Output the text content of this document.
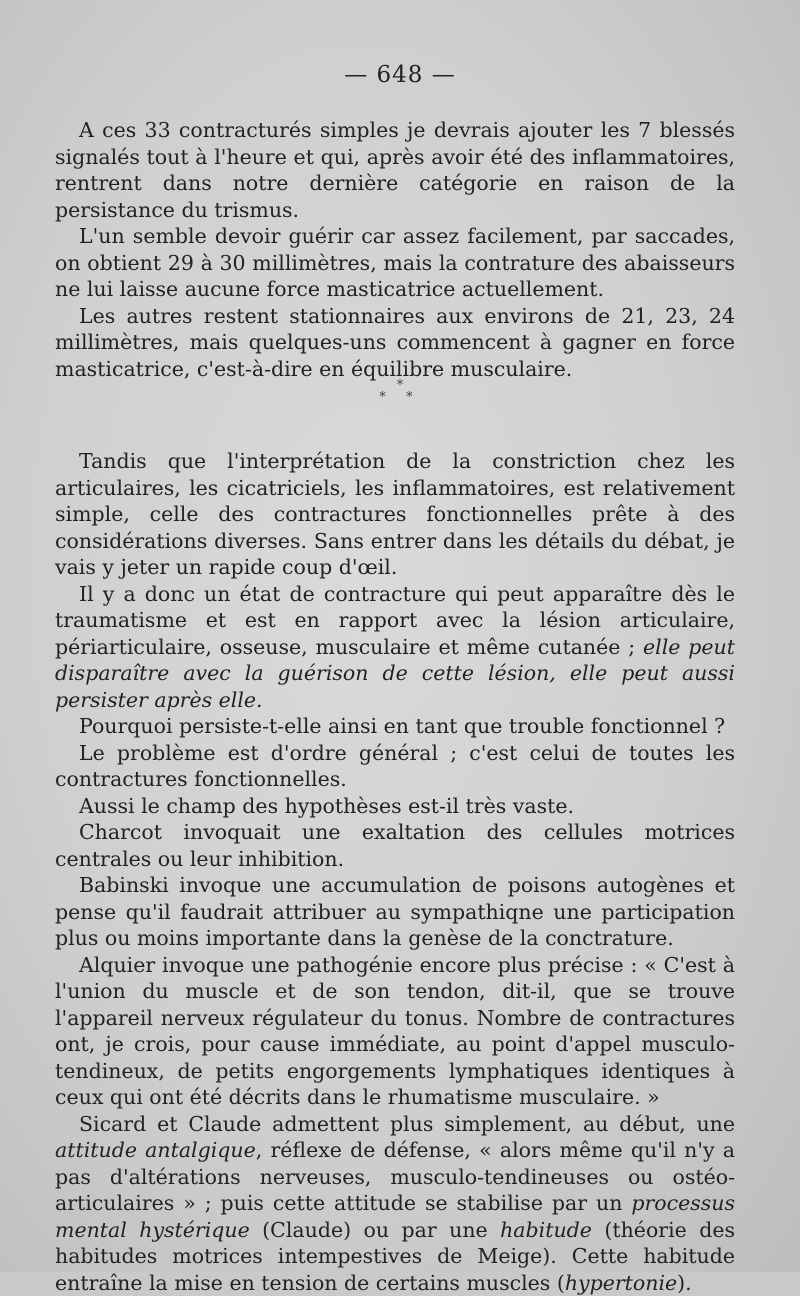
— 648 —

A ces 33 contracturés simples je devrais ajouter les 7 blessés signalés tout à l'heure et qui, après avoir été des inflammatoires, rentrent dans notre dernière catégorie en raison de la persistance du trismus.

L'un semble devoir guérir car assez facilement, par saccades, on obtient 29 à 30 millimètres, mais la contrature des abaisseurs ne lui laisse aucune force masticatrice actuellement.

Les autres restent stationnaires aux environs de 21, 23, 24 millimètres, mais quelques-uns commencent à gagner en force masticatrice, c'est-à-dire en équilibre musculaire.

*
* *

Tandis que l'interprétation de la constriction chez les articulaires, les cicatriciels, les inflammatoires, est relativement simple, celle des contractures fonctionnelles prête à des considérations diverses. Sans entrer dans les détails du débat, je vais y jeter un rapide coup d'œil.

Il y a donc un état de contracture qui peut apparaître dès le traumatisme et est en rapport avec la lésion articulaire, périarticulaire, osseuse, musculaire et même cutanée ; elle peut disparaître avec la guérison de cette lésion, elle peut aussi persister après elle.

Pourquoi persiste-t-elle ainsi en tant que trouble fonctionnel ?

Le problème est d'ordre général ; c'est celui de toutes les contractures fonctionnelles.

Aussi le champ des hypothèses est-il très vaste.

Charcot invoquait une exaltation des cellules motrices centrales ou leur inhibition.

Babinski invoque une accumulation de poisons autogènes et pense qu'il faudrait attribuer au sympathiqne une participation plus ou moins importante dans la genèse de la conctrature.

Alquier invoque une pathogénie encore plus précise : « C'est à l'union du muscle et de son tendon, dit-il, que se trouve l'appareil nerveux régulateur du tonus. Nombre de contractures ont, je crois, pour cause immédiate, au point d'appel musculo-tendineux, de petits engorgements lymphatiques identiques à ceux qui ont été décrits dans le rhumatisme musculaire. »

Sicard et Claude admettent plus simplement, au début, une attitude antalgique, réflexe de défense, « alors même qu'il n'y a pas d'altérations nerveuses, musculo-tendineuses ou ostéo-articulaires » ; puis cette attitude se stabilise par un processus mental hystérique (Claude) ou par une habitude (théorie des habitudes motrices intempestives de Meige). Cette habitude entraîne la mise en tension de certains muscles (hypertonie).
